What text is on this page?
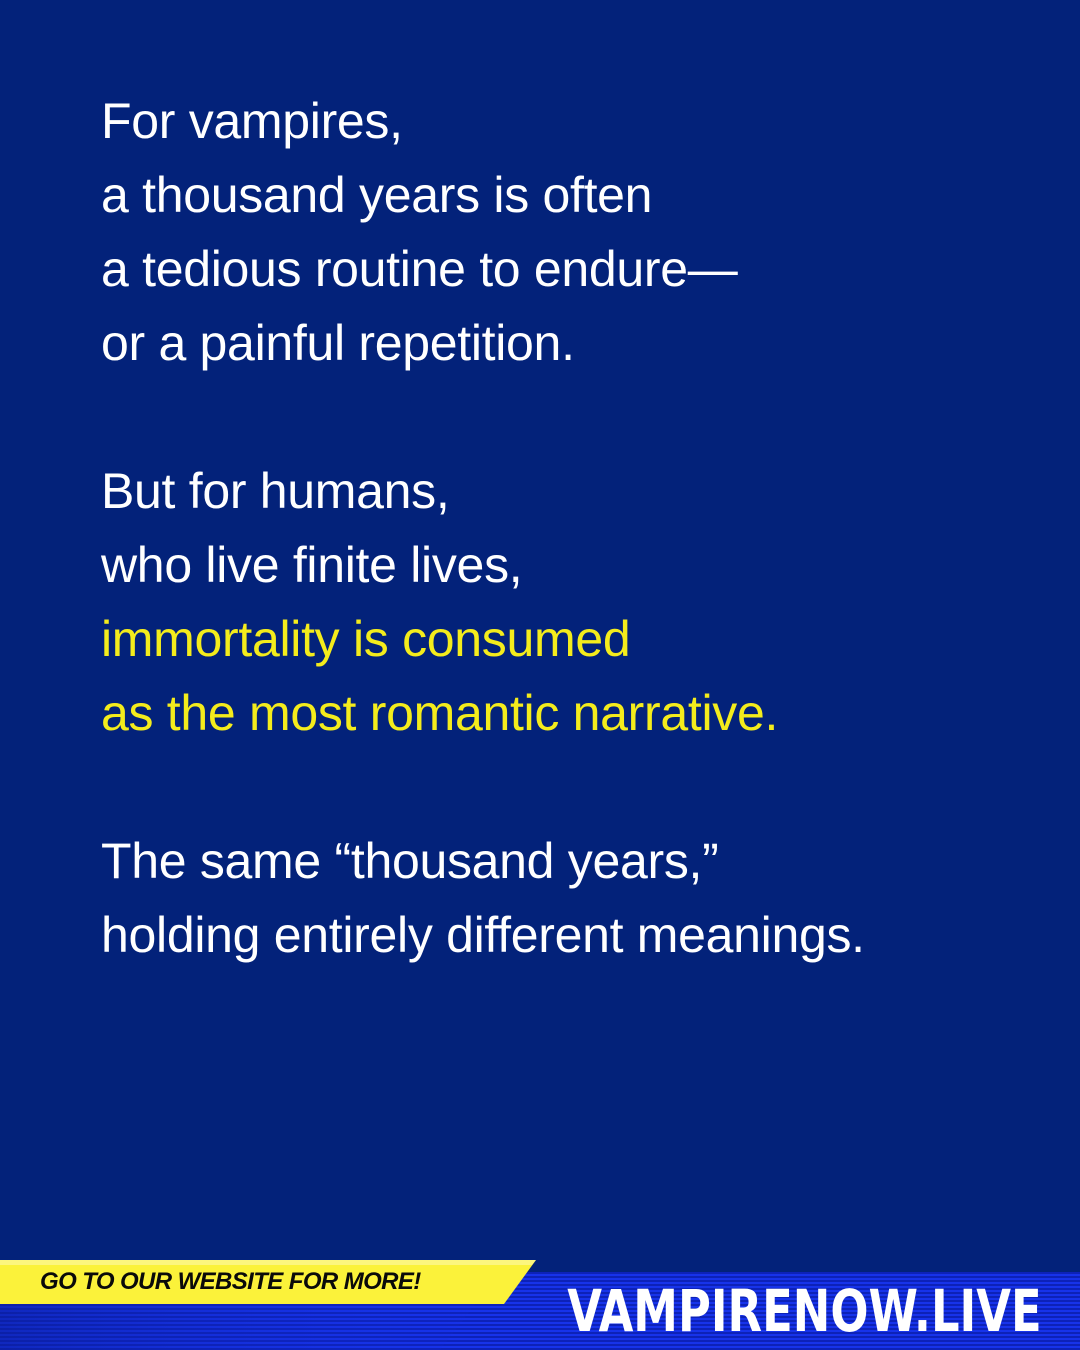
For vampires,
a thousand years is often
a tedious routine to endure—
or a painful repetition.
But for humans,
who live finite lives,
immortality is consumed
as the most romantic narrative.
The same “thousand years,”
holding entirely different meanings.
GO TO OUR WEBSITE FOR MORE!	VAMPIRENOW.LIVE
